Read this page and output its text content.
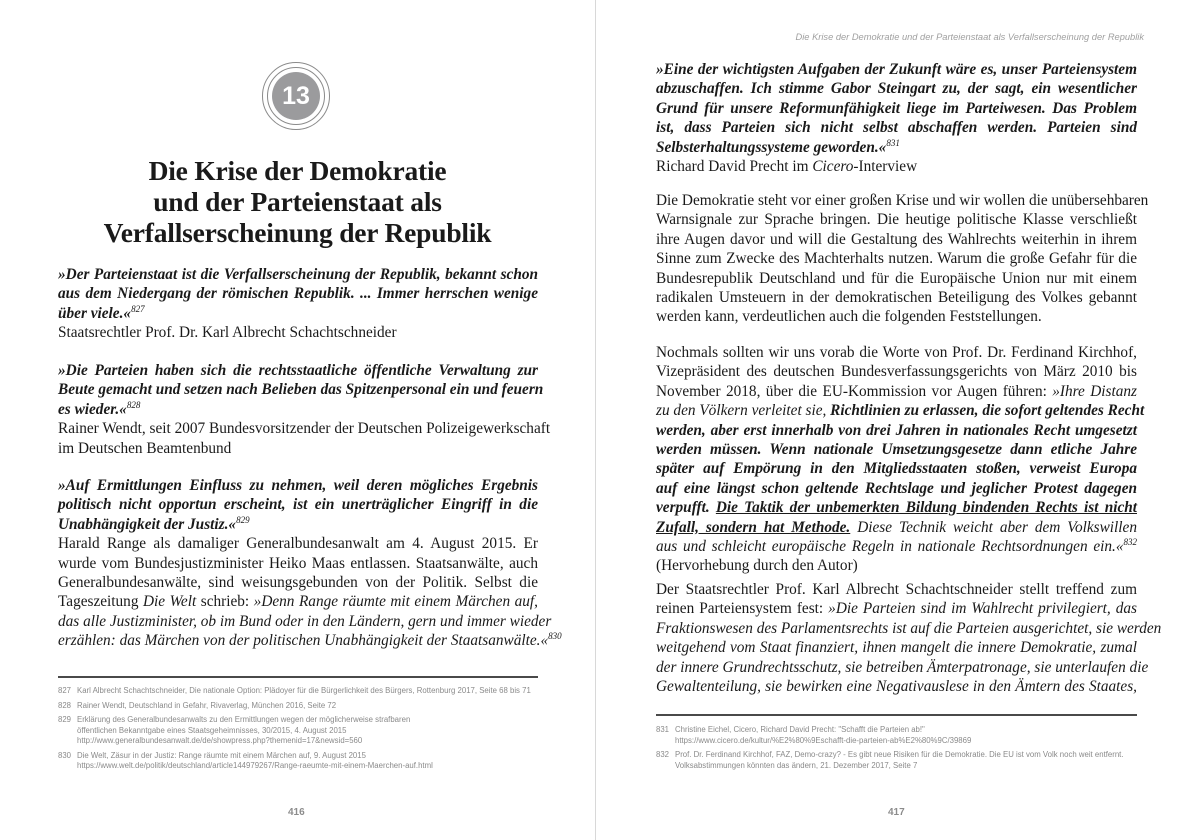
13
Die Krise der Demokratie
und der Parteienstaat als
Verfallserscheinung der Republik
»Der Parteienstaat ist die Verfallserscheinung der Republik, bekannt schon
aus dem Niedergang der römischen Republik. ... Immer herrschen wenige
über viele.«$^{827}$
Staatsrechtler Prof. Dr. Karl Albrecht Schachtschneider
»Die Parteien haben sich die rechtsstaatliche öffentliche Verwaltung zur
Beute gemacht und setzen nach Belieben das Spitzenpersonal ein und feuern
es wieder.«$^{828}$
Rainer Wendt, seit 2007 Bundesvorsitzender der Deutschen Polizeigewerkschaft
im Deutschen Beamtenbund
»Auf Ermittlungen Einfluss zu nehmen, weil deren mögliches Ergebnis
politisch nicht opportun erscheint, ist ein unerträglicher Eingriff in die
Unabhängigkeit der Justiz.«$^{829}$
Harald Range als damaliger Generalbundesanwalt am 4. August 2015. Er
wurde vom Bundesjustizminister Heiko Maas entlassen. Staatsanwälte, auch
Generalbundesanwälte, sind weisungsgebunden von der Politik. Selbst die
Tageszeitung Die Welt schrieb: »Denn Range räumte mit einem Märchen auf,
das alle Justizminister, ob im Bund oder in den Ländern, gern und immer wieder
erzählen: das Märchen von der politischen Unabhängigkeit der Staatsanwälte.«$^{830}$
827 Karl Albrecht Schachtschneider, Die nationale Option: Plädoyer für die Bürgerlichkeit des Bürgers, Rottenburg 2017, Seite 68 bis 71
828 Rainer Wendt, Deutschland in Gefahr, Rivaverlag, München 2016, Seite 72
829 Erklärung des Generalbundesanwalts zu den Ermittlungen wegen der möglicherweise strafbaren
öffentlichen Bekanntgabe eines Staatsgeheimnisses, 30/2015, 4. August 2015
http://www.generalbundesanwalt.de/de/showpress.php?themenid=17&newsid=560
830 Die Welt, Zäsur in der Justiz: Range räumte mit einem Märchen auf, 9. August 2015
https://www.welt.de/politik/deutschland/article144979267/Range-raeumte-mit-einem-Maerchen-auf.html
416
Die Krise der Demokratie und der Parteienstaat als Verfallserscheinung der Republik
»Eine der wichtigsten Aufgaben der Zukunft wäre es, unser Parteiensystem
abzuschaffen. Ich stimme Gabor Steingart zu, der sagt, ein wesentlicher
Grund für unsere Reformunfähigkeit liege im Parteiwesen. Das Problem
ist, dass Parteien sich nicht selbst abschaffen werden. Parteien sind
Selbsterhaltungssysteme geworden.«$^{831}$
Richard David Precht im Cicero-Interview
Die Demokratie steht vor einer großen Krise und wir wollen die unübersehbaren
Warnsignale zur Sprache bringen. Die heutige politische Klasse verschließt
ihre Augen davor und will die Gestaltung des Wahlrechts weiterhin in ihrem
Sinne zum Zwecke des Machterhalts nutzen. Warum die große Gefahr für die
Bundesrepublik Deutschland und für die Europäische Union nur mit einem
radikalen Umsteuern in der demokratischen Beteiligung des Volkes gebannt
werden kann, verdeutlichen auch die folgenden Feststellungen.
Nochmals sollten wir uns vorab die Worte von Prof. Dr. Ferdinand Kirchhof,
Vizepräsident des deutschen Bundesverfassungsgerichts von März 2010 bis
November 2018, über die EU-Kommission vor Augen führen: »Ihre Distanz
zu den Völkern verleitet sie, Richtlinien zu erlassen, die sofort geltendes Recht
werden, aber erst innerhalb von drei Jahren in nationales Recht umgesetzt
werden müssen. Wenn nationale Umsetzungsgesetze dann etliche Jahre
später auf Empörung in den Mitgliedsstaaten stoßen, verweist Europa
auf eine längst schon geltende Rechtslage und jeglicher Protest dagegen
verpufft. Die Taktik der unbemerkten Bildung bindenden Rechts ist nicht
Zufall, sondern hat Methode. Diese Technik weicht aber dem Volkswillen
aus und schleicht europäische Regeln in nationale Rechtsordnungen ein.«$^{832}$
(Hervorhebung durch den Autor)
Der Staatsrechtler Prof. Karl Albrecht Schachtschneider stellt treffend zum
reinen Parteiensystem fest: »Die Parteien sind im Wahlrecht privilegiert, das
Fraktionswesen des Parlamentsrechts ist auf die Parteien ausgerichtet, sie werden
weitgehend vom Staat finanziert, ihnen mangelt die innere Demokratie, zumal
der innere Grundrechtsschutz, sie betreiben Ämterpatronage, sie unterlaufen die
Gewaltenteilung, sie bewirken eine Negativauslese in den Ämtern des Staates,
831 Christine Eichel, Cicero, Richard David Precht: "Schafft die Parteien ab!"
https://www.cicero.de/kultur/%E2%80%9Eschafft-die-parteien-ab%E2%80%9C/39869
832 Prof. Dr. Ferdinand Kirchhof, FAZ, Demo-crazy? - Es gibt neue Risiken für die Demokratie. Die EU ist vom Volk noch weit entfernt.
Volksabstimmungen könnten das ändern, 21. Dezember 2017, Seite 7
417
